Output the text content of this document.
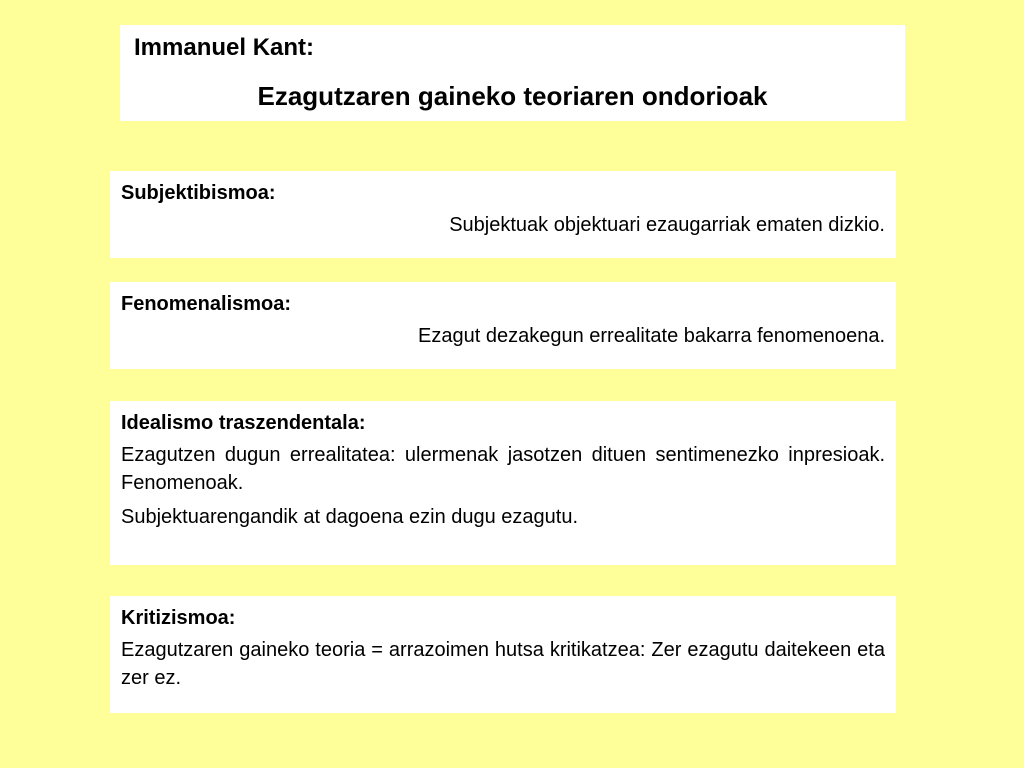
Immanuel Kant:
Ezagutzaren gaineko teoriaren ondorioak
Subjektibismoa:
Subjektuak objektuari ezaugarriak ematen dizkio.
Fenomenalismoa:
Ezagut dezakegun errealitate bakarra fenomenoena.
Idealismo traszendentala:
Ezagutzen dugun errealitatea: ulermenak jasotzen dituen sentimenezko inpresioak. Fenomenoak.
Subjektuarengandik at dagoena ezin dugu ezagutu.
Kritizismoa:
Ezagutzaren gaineko teoria = arrazoimen hutsa kritikatzea: Zer ezagutu daitekeen eta zer ez.
